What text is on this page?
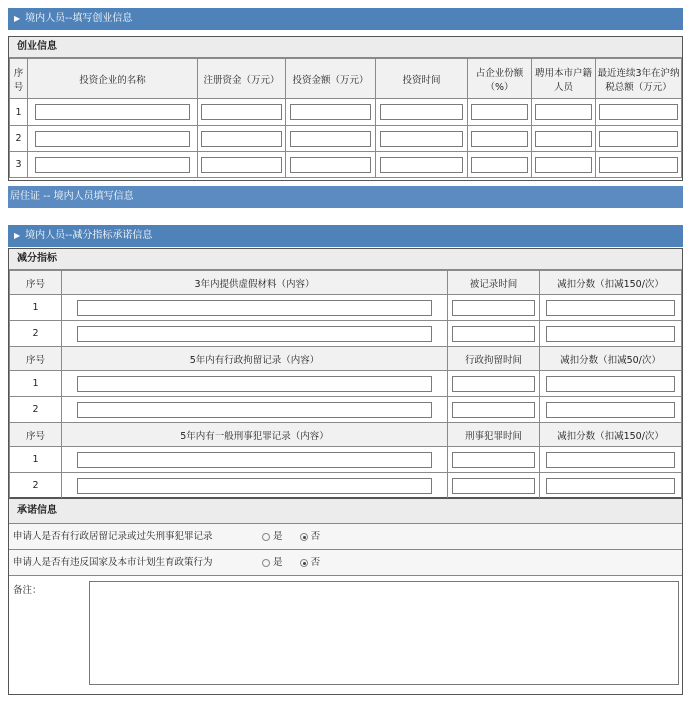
▶ 境内人员--填写创业信息
创业信息
序号	投资企业的名称	注册资金（万元）	投资金额（万元）	投资时间	占企业份额（%）	聘用本市户籍人员	最近连续3年在沪纳税总额（万元）
1	

2	

3	

居住证 -- 境内人员填写信息
▶ 境内人员--减分指标承诺信息
减分指标
序号	3年内提供虚假材料（内容）	被记录时间	减扣分数（扣减150/次）
1	

2	

序号	5年内有行政拘留记录（内容）	行政拘留时间	减扣分数（扣减50/次）
1	

2	

序号	5年内有一般刑事犯罪记录（内容）	刑事犯罪时间	减扣分数（扣减150/次）
1	

2	

承诺信息
申请人是否有行政居留记录或过失刑事犯罪记录	是	否
申请人是否有违反国家及本市计划生育政策行为	是	否
备注：
